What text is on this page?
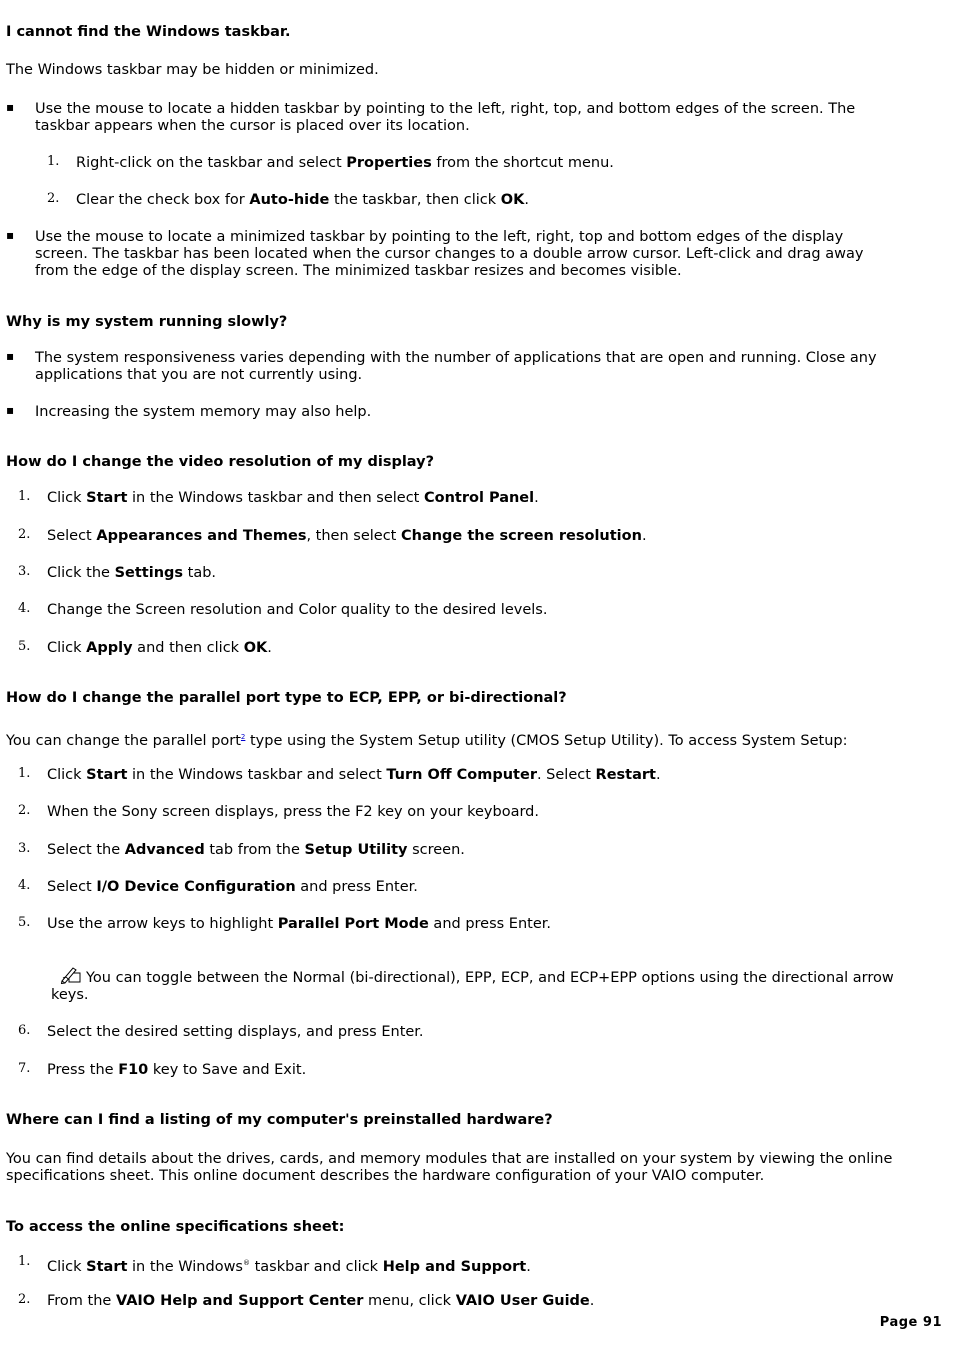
I cannot find the Windows taskbar.
The Windows taskbar may be hidden or minimized.
▪ Use the mouse to locate a hidden taskbar by pointing to the left, right, top, and bottom edges of the screen. The
taskbar appears when the cursor is placed over its location.
1. Right-click on the taskbar and select Properties from the shortcut menu.
2. Clear the check box for Auto-hide the taskbar, then click OK.
▪ Use the mouse to locate a minimized taskbar by pointing to the left, right, top and bottom edges of the display
screen. The taskbar has been located when the cursor changes to a double arrow cursor. Left-click and drag away
from the edge of the display screen. The minimized taskbar resizes and becomes visible.
Why is my system running slowly?
▪ The system responsiveness varies depending with the number of applications that are open and running. Close any
applications that you are not currently using.
▪ Increasing the system memory may also help.
How do I change the video resolution of my display?
1. Click Start in the Windows taskbar and then select Control Panel.
2. Select Appearances and Themes, then select Change the screen resolution.
3. Click the Settings tab.
4. Change the Screen resolution and Color quality to the desired levels.
5. Click Apply and then click OK.
How do I change the parallel port type to ECP, EPP, or bi-directional?
You can change the parallel port$^2$ type using the System Setup utility (CMOS Setup Utility). To access System Setup:
1. Click Start in the Windows taskbar and select Turn Off Computer. Select Restart.
2. When the Sony screen displays, press the F2 key on your keyboard.
3. Select the Advanced tab from the Setup Utility screen.
4. Select I/O Device Configuration and press Enter.
5. Use the arrow keys to highlight Parallel Port Mode and press Enter.
You can toggle between the Normal (bi-directional), EPP, ECP, and ECP+EPP options using the directional arrow
keys.
6. Select the desired setting displays, and press Enter.
7. Press the F10 key to Save and Exit.
Where can I find a listing of my computer's preinstalled hardware?
You can find details about the drives, cards, and memory modules that are installed on your system by viewing the online
specifications sheet. This online document describes the hardware configuration of your VAIO computer.
To access the online specifications sheet:
1. Click Start in the Windows® taskbar and click Help and Support.
2. From the VAIO Help and Support Center menu, click VAIO User Guide.
Page 91
